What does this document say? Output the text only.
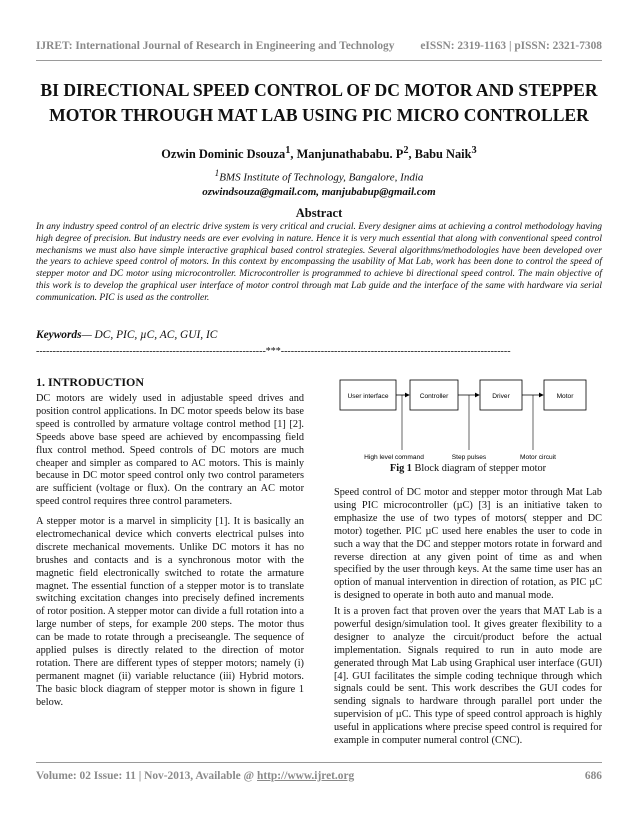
IJRET: International Journal of Research in Engineering and Technology eISSN: 2319-1163 | pISSN: 2321-7308
BI DIRECTIONAL SPEED CONTROL OF DC MOTOR AND STEPPER
MOTOR THROUGH MAT LAB USING PIC MICRO CONTROLLER
Ozwin Dominic Dsouza$^1$, Manjunathababu. $P^2$, Babu Naik$^3$
$^1$BMS Institute of Technology, Bangalore, India
ozwindsouza@gmail.com, manjubabup@gmail.com
Abstract

In any industry speed control of an electric drive system is very critical and crucial. Every designer aims at achieving a control methodology having high degree of precision. But industry needs are ever evolving in nature. Hence it is very much essential that along with conventional speed control mechanisms we must also have simple interactive graphical based control strategies. Several algorithms/methodologies have been developed over the years to achieve speed control of motors. In this context by encompassing the usability of Mat Lab, work has been done to control the speed of stepper motor and DC motor using microcontroller. Microcontroller is programmed to achieve bi directional speed control. The main objective of this work is to develop the graphical user interface of motor control through mat Lab guide and the interface of the same with hardware via serial communication. PIC is used as the controller.

Keywords— DC, PIC, µC, AC, GUI, IC
---------------------------------------------------------------------***---------------------------------------------------------------------
1. INTRODUCTION

DC motors are widely used in adjustable speed drives and position control applications. In DC motor speeds below its base speed is controlled by armature voltage control method [1] [2]. Speeds above base speed are achieved by encompassing field flux control method. Speed controls of DC motors are much cheaper and simpler as compared to AC motors. This is mainly because in DC motor speed control only two control parameters are sufficient (voltage or flux). On the contrary an AC motor speed control requires three control parameters.

A stepper motor is a marvel in simplicity [1]. It is basically an electromechanical device which converts electrical pulses into discrete mechanical movements. Unlike DC motors it has no brushes and contacts and is a synchronous motor with the magnetic field electronically switched to rotate the armature magnet. The essential function of a stepper motor is to translate switching excitation changes into precisely defined increments of rotor position. A stepper motor can divide a full rotation into a large number of steps, for example 200 steps. The motor thus can be made to rotate through a preciseangle. The sequence of applied pulses is directly related to the direction of motor rotation. There are different types of stepper motors; namely (i) permanent magnet (ii) variable reluctance (iii) Hybrid motors. The basic block diagram of stepper motor is shown in figure 1 below.

User interface	Controller	Driver	Motor
High level command	Step pulses	Motor circuit
Fig 1 Block diagram of stepper motor

Speed control of DC motor and stepper motor through Mat Lab using PIC microcontroller (µC) [3] is an initiative taken to emphasize the use of two types of motors( stepper and DC motor) together. PIC µC used here enables the user to code in such a way that the DC and stepper motors rotate in forward and reverse direction at any given point of time as and when specified by the user through keys. At the same time user has an option of manual intervention in direction of rotation, as PIC µC is designed to operate in both auto and manual mode.

It is a proven fact that proven over the years that MAT Lab is a powerful design/simulation tool. It gives greater flexibility to a designer to analyze the circuit/product before the actual implementation. Signals required to run in auto mode are generated through Mat Lab using Graphical user interface (GUI) [4]. GUI facilitates the simple coding technique through which signals could be sent. This work describes the GUI codes for sending signals to hardware through parallel port under the supervision of µC. This type of speed control approach is highly useful in applications where precise speed control is required for example in computer numeral control (CNC).

Volume: 02 Issue: 11 | Nov-2013, Available @ http://www.ijret.org	686
